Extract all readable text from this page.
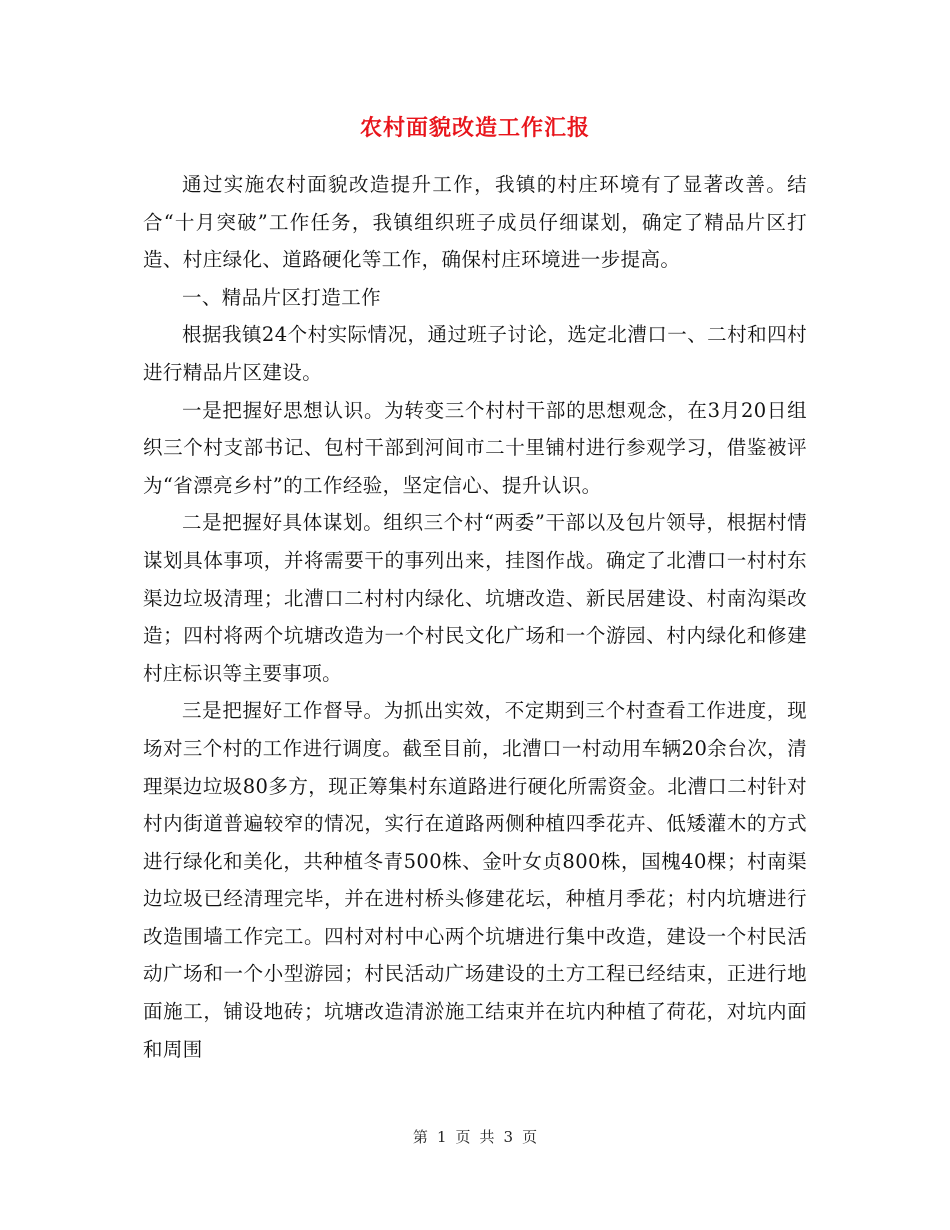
农村面貌改造工作汇报

通过实施农村面貌改造提升工作，我镇的村庄环境有了显著改善。结合“十月突破”工作任务，我镇组织班子成员仔细谋划，确定了精品片区打造、村庄绿化、道路硬化等工作，确保村庄环境进一步提高。

一、精品片区打造工作

根据我镇24个村实际情况，通过班子讨论，选定北漕口一、二村和四村进行精品片区建设。

一是把握好思想认识。为转变三个村村干部的思想观念，在3月20日组织三个村支部书记、包村干部到河间市二十里铺村进行参观学习，借鉴被评为“省漂亮乡村”的工作经验，坚定信心、提升认识。

二是把握好具体谋划。组织三个村“两委”干部以及包片领导，根据村情谋划具体事项，并将需要干的事列出来，挂图作战。确定了北漕口一村村东渠边垃圾清理；北漕口二村村内绿化、坑塘改造、新民居建设、村南沟渠改造；四村将两个坑塘改造为一个村民文化广场和一个游园、村内绿化和修建村庄标识等主要事项。

三是把握好工作督导。为抓出实效，不定期到三个村查看工作进度，现场对三个村的工作进行调度。截至目前，北漕口一村动用车辆20余台次，清理渠边垃圾80多方，现正筹集村东道路进行硬化所需资金。北漕口二村针对村内街道普遍较窄的情况，实行在道路两侧种植四季花卉、低矮灌木的方式进行绿化和美化，共种植冬青500株、金叶女贞800株，国槐40棵；村南渠边垃圾已经清理完毕，并在进村桥头修建花坛，种植月季花；村内坑塘进行改造围墙工作完工。四村对村中心两个坑塘进行集中改造，建设一个村民活动广场和一个小型游园；村民活动广场建设的土方工程已经结束，正进行地面施工，铺设地砖；坑塘改造清淤施工结束并在坑内种植了荷花，对坑内面和周围

第 1 页 共 3 页
